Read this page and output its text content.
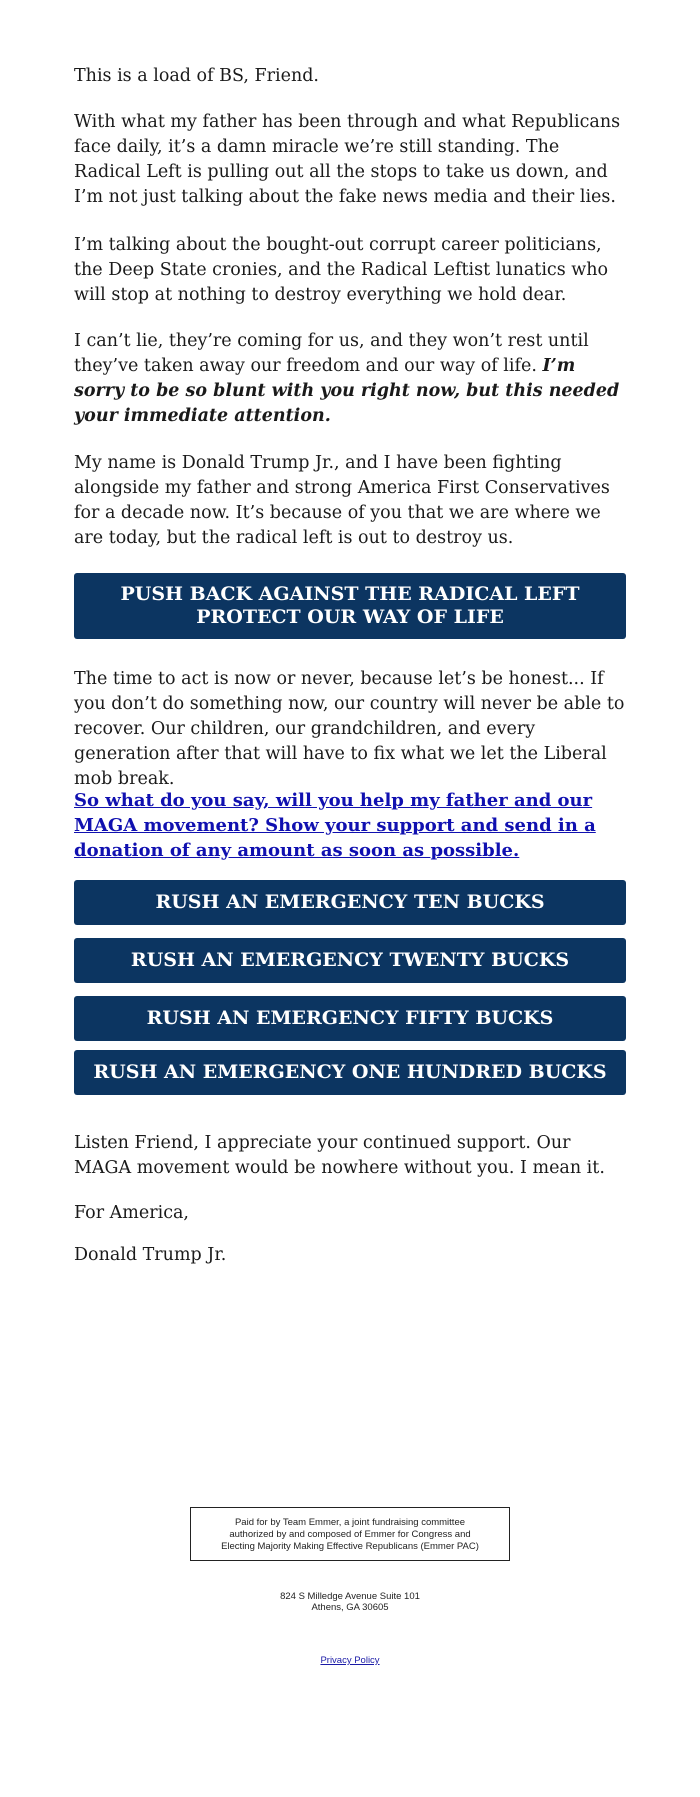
This is a load of BS, Friend.

With what my father has been through and what Republicans face daily, it’s a damn miracle we’re still standing. The Radical Left is pulling out all the stops to take us down, and I’m not just talking about the fake news media and their lies.

I’m talking about the bought-out corrupt career politicians, the Deep State cronies, and the Radical Leftist lunatics who will stop at nothing to destroy everything we hold dear.

I can’t lie, they’re coming for us, and they won’t rest until they’ve taken away our freedom and our way of life. I’m sorry to be so blunt with you right now, but this needed your immediate attention.

My name is Donald Trump Jr., and I have been fighting alongside my father and strong America First Conservatives for a decade now. It’s because of you that we are where we are today, but the radical left is out to destroy us.

PUSH BACK AGAINST THE RADICAL LEFT
PROTECT OUR WAY OF LIFE

The time to act is now or never, because let’s be honest... If you don’t do something now, our country will never be able to recover. Our children, our grandchildren, and every generation after that will have to fix what we let the Liberal mob break.

So what do you say, will you help my father and our MAGA movement? Show your support and send in a donation of any amount as soon as possible.
RUSH AN EMERGENCY TEN BUCKS
RUSH AN EMERGENCY TWENTY BUCKS
RUSH AN EMERGENCY FIFTY BUCKS
RUSH AN EMERGENCY ONE HUNDRED BUCKS

Listen Friend, I appreciate your continued support. Our MAGA movement would be nowhere without you. I mean it.

For America,

Donald Trump Jr.

Paid for by Team Emmer, a joint fundraising committee
authorized by and composed of Emmer for Congress and
Electing Majority Making Effective Republicans (Emmer PAC)
824 S Milledge Avenue Suite 101
Athens, GA 30605
Privacy Policy
